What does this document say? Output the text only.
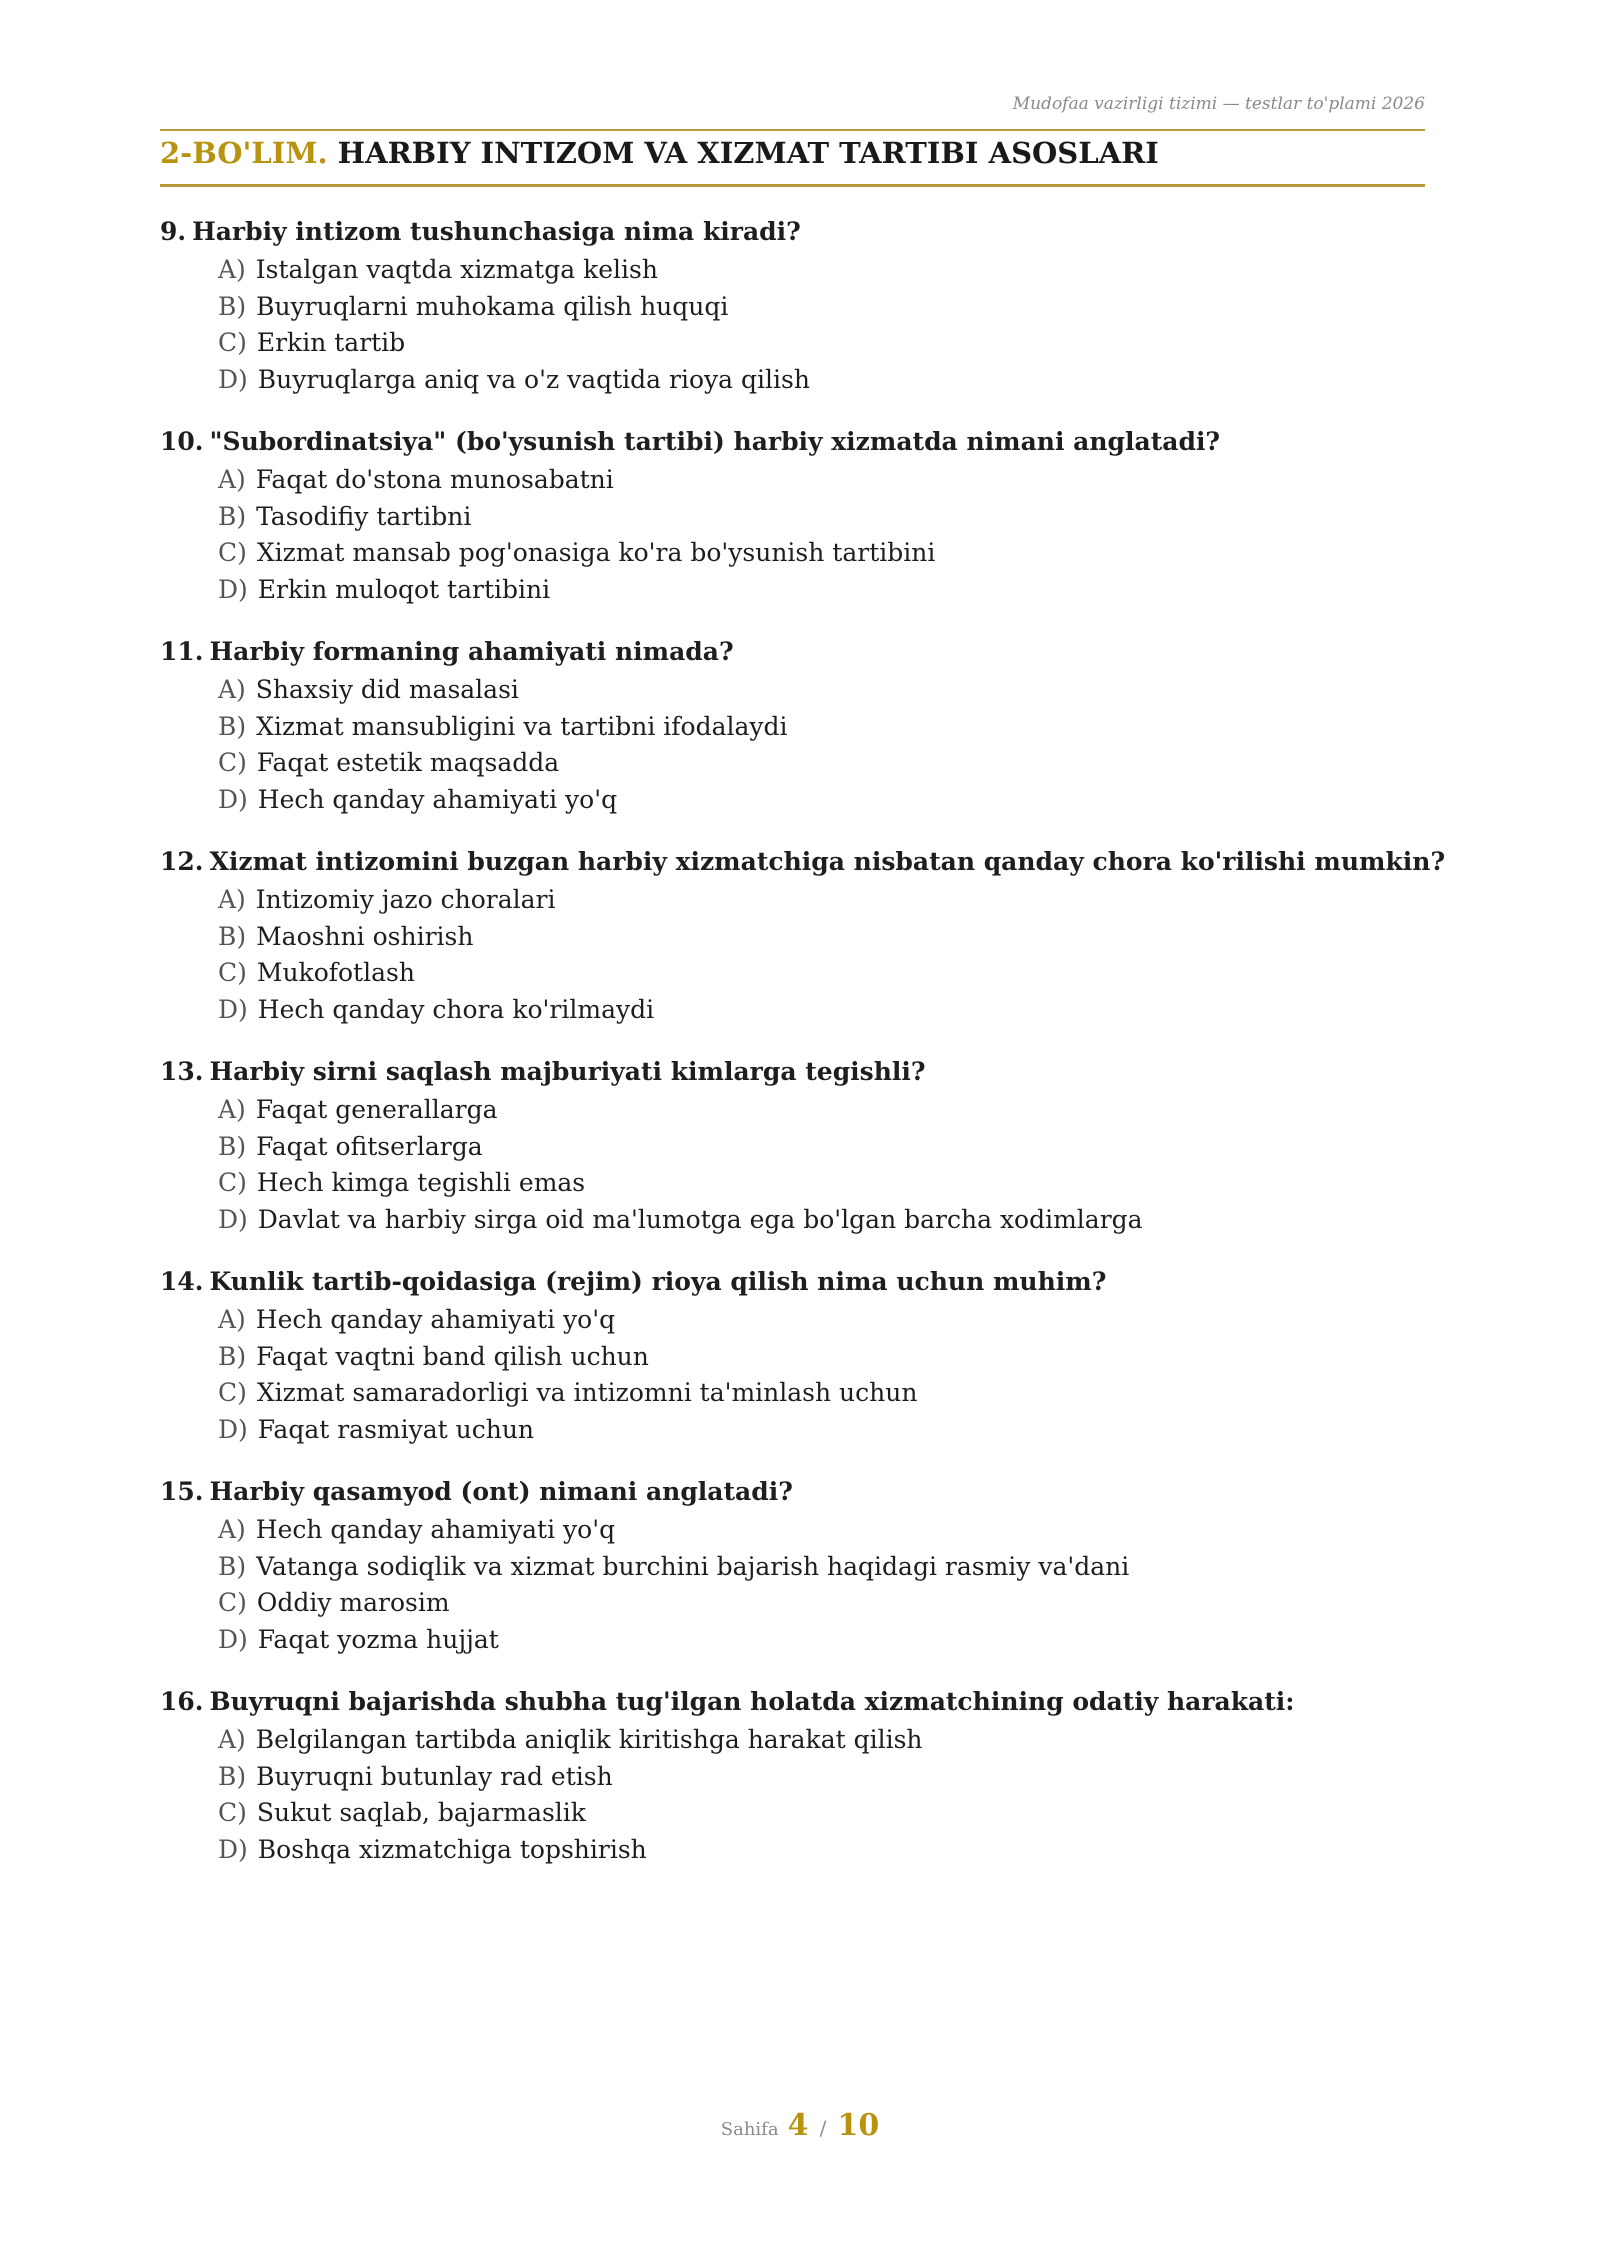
Mudofaa vazirligi tizimi — testlar to'plami 2026
2-BO'LIM. HARBIY INTIZOM VA XIZMAT TARTIBI ASOSLARI
9. Harbiy intizom tushunchasiga nima kiradi?
A) Istalgan vaqtda xizmatga kelish
B) Buyruqlarni muhokama qilish huquqi
C) Erkin tartib
D) Buyruqlarga aniq va o'z vaqtida rioya qilish
10. "Subordinatsiya" (bo'ysunish tartibi) harbiy xizmatda nimani anglatadi?
A) Faqat do'stona munosabatni
B) Tasodifiy tartibni
C) Xizmat mansab pog'onasiga ko'ra bo'ysunish tartibini
D) Erkin muloqot tartibini
11. Harbiy formaning ahamiyati nimada?
A) Shaxsiy did masalasi
B) Xizmat mansubligini va tartibni ifodalaydi
C) Faqat estetik maqsadda
D) Hech qanday ahamiyati yo'q
12. Xizmat intizomini buzgan harbiy xizmatchiga nisbatan qanday chora ko'rilishi mumkin?
A) Intizomiy jazo choralari
B) Maoshni oshirish
C) Mukofotlash
D) Hech qanday chora ko'rilmaydi
13. Harbiy sirni saqlash majburiyati kimlarga tegishli?
A) Faqat generallarga
B) Faqat ofitserlarga
C) Hech kimga tegishli emas
D) Davlat va harbiy sirga oid ma'lumotga ega bo'lgan barcha xodimlarga
14. Kunlik tartib-qoidasiga (rejim) rioya qilish nima uchun muhim?
A) Hech qanday ahamiyati yo'q
B) Faqat vaqtni band qilish uchun
C) Xizmat samaradorligi va intizomni ta'minlash uchun
D) Faqat rasmiyat uchun
15. Harbiy qasamyod (ont) nimani anglatadi?
A) Hech qanday ahamiyati yo'q
B) Vatanga sodiqlik va xizmat burchini bajarish haqidagi rasmiy va'dani
C) Oddiy marosim
D) Faqat yozma hujjat
16. Buyruqni bajarishda shubha tug'ilgan holatda xizmatchining odatiy harakati:
A) Belgilangan tartibda aniqlik kiritishga harakat qilish
B) Buyruqni butunlay rad etish
C) Sukut saqlab, bajarmaslik
D) Boshqa xizmatchiga topshirish
Sahifa 4 / 10
